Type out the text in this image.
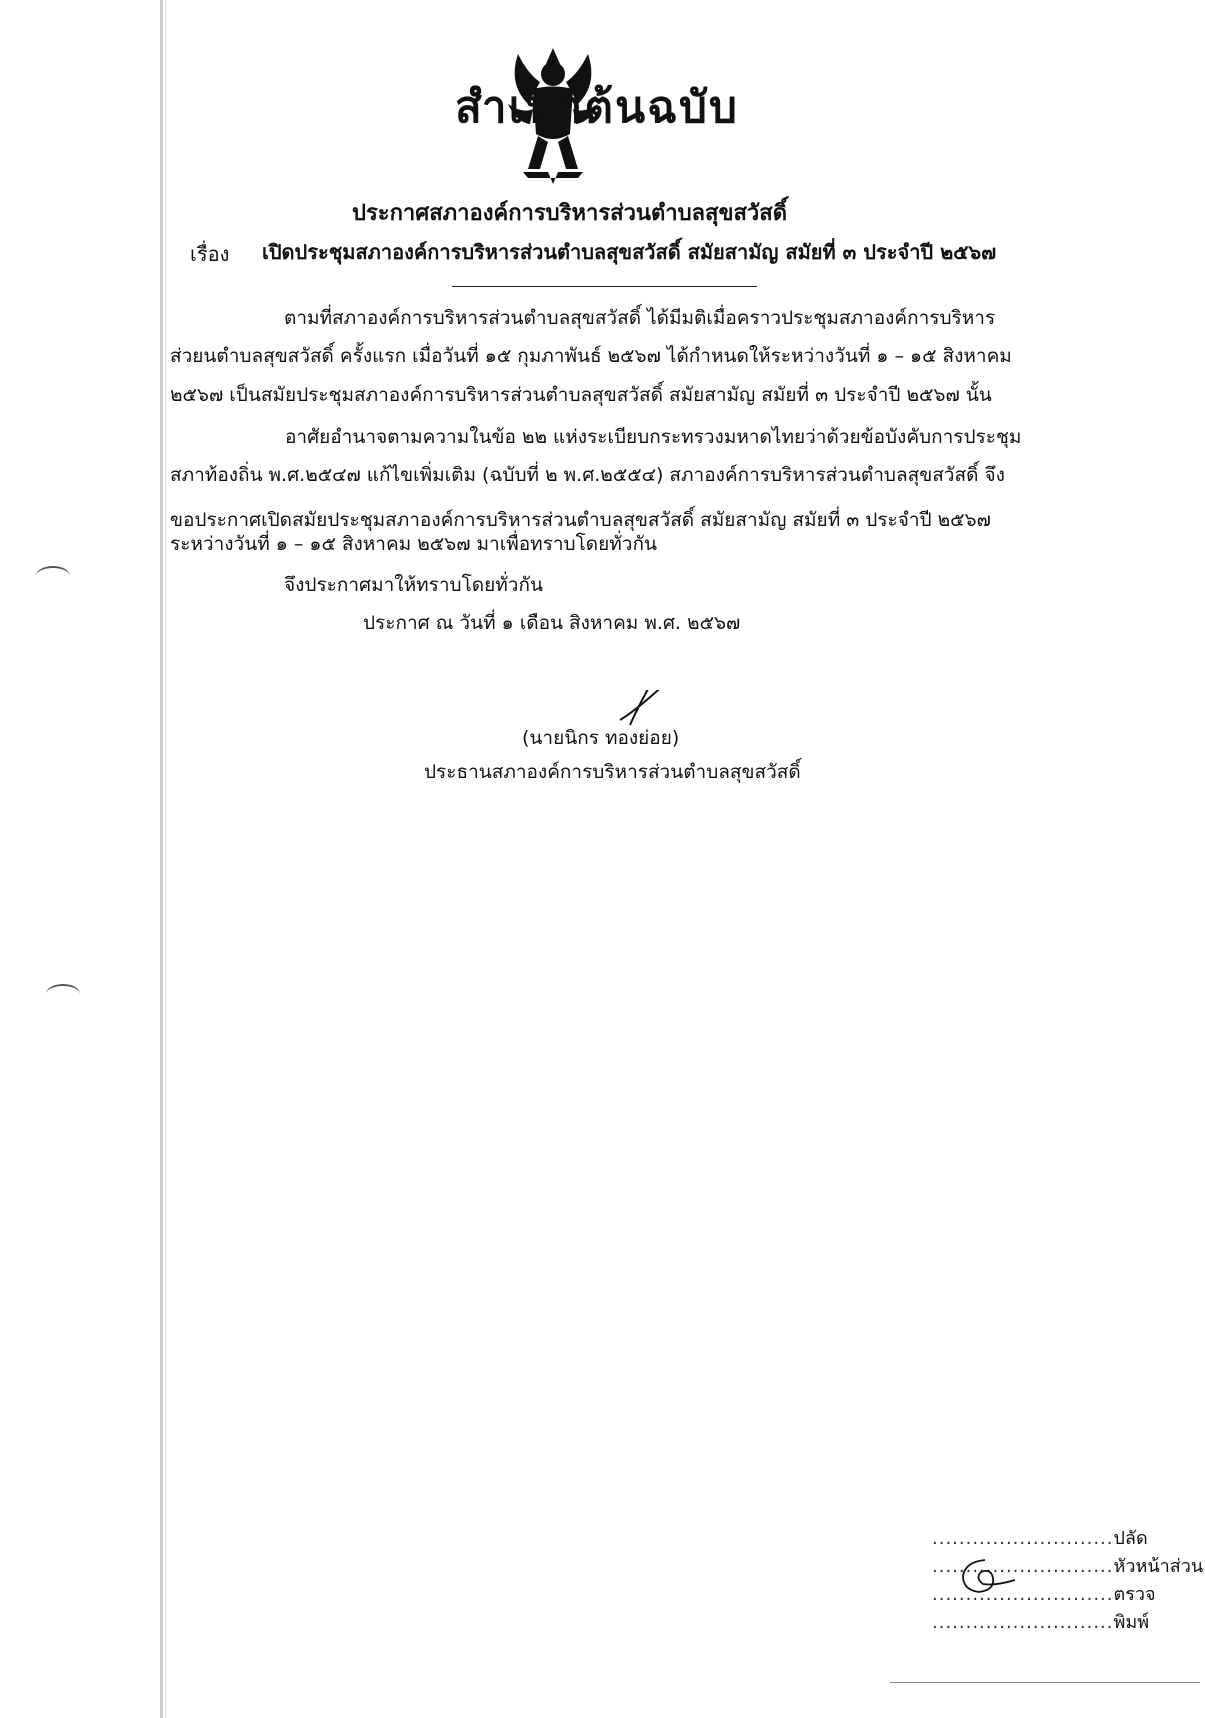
สำเนาต้นฉบับ
ประกาศสภาองค์การบริหารส่วนตำบลสุขสวัสดิ์
เรื่อง เปิดประชุมสภาองค์การบริหารส่วนตำบลสุขสวัสดิ์ สมัยสามัญ สมัยที่ ๓ ประจำปี ๒๕๖๗
ตามที่สภาองค์การบริหารส่วนตำบลสุขสวัสดิ์ ได้มีมติเมื่อคราวประชุมสภาองค์การบริหาร
ส่วยนตำบลสุขสวัสดิ์ ครั้งแรก เมื่อวันที่ ๑๕ กุมภาพันธ์ ๒๕๖๗ ได้กำหนดให้ระหว่างวันที่ ๑ – ๑๕ สิงหาคม
๒๕๖๗ เป็นสมัยประชุมสภาองค์การบริหารส่วนตำบลสุขสวัสดิ์ สมัยสามัญ สมัยที่ ๓ ประจำปี ๒๕๖๗ นั้น
อาศัยอำนาจตามความในข้อ ๒๒ แห่งระเบียบกระทรวงมหาดไทยว่าด้วยข้อบังคับการประชุม
สภาท้องถิ่น พ.ศ.๒๕๔๗ แก้ไขเพิ่มเติม (ฉบับที่ ๒ พ.ศ.๒๕๕๔) สภาองค์การบริหารส่วนตำบลสุขสวัสดิ์ จึง
ขอประกาศเปิดสมัยประชุมสภาองค์การบริหารส่วนตำบลสุขสวัสดิ์ สมัยสามัญ สมัยที่ ๓ ประจำปี ๒๕๖๗
ระหว่างวันที่ ๑ – ๑๕ สิงหาคม ๒๕๖๗ มาเพื่อทราบโดยทั่วกัน
จึงประกาศมาให้ทราบโดยทั่วกัน
ประกาศ ณ วันที่ ๑ เดือน สิงหาคม พ.ศ. ๒๕๖๗
(นายนิกร ทองย่อย)
ประธานสภาองค์การบริหารส่วนตำบลสุขสวัสดิ์
...........................ปลัด
...........................หัวหน้าส่วน
...........................ตรวจ
...........................พิมพ์
